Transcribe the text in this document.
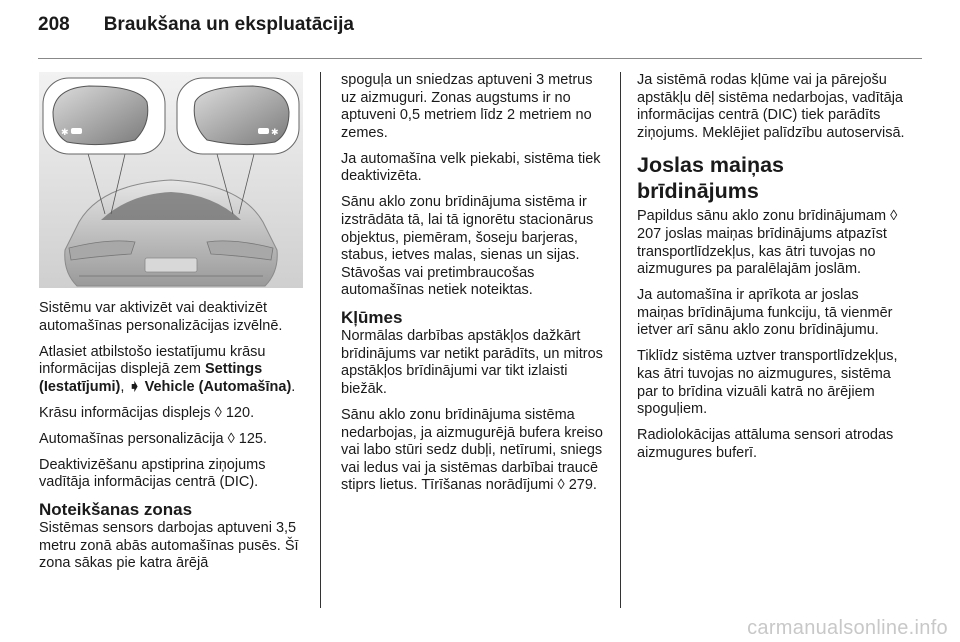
208 Braukšana un ekspluatācija
✱	✱

Sistēmu var aktivizēt vai deaktivizēt automašīnas personalizācijas izvēlnē.

Atlasiet atbilstošo iestatījumu krāsu informācijas displejā zem Settings (Iestatījumi), ➧ Vehicle (Automašīna).

Krāsu informācijas displejs ◊ 120.

Automašīnas personalizācija ◊ 125.

Deaktivizēšanu apstiprina ziņojums vadītāja informācijas centrā (DIC).

Noteikšanas zonas

Sistēmas sensors darbojas aptuveni 3,5 metru zonā abās automašīnas pusēs. Šī zona sākas pie katra ārējā

spoguļa un sniedzas aptuveni 3 metrus uz aizmuguri. Zonas augstums ir no aptuveni 0,5 metriem līdz 2 metriem no zemes.

Ja automašīna velk piekabi, sistēma tiek deaktivizēta.

Sānu aklo zonu brīdinājuma sistēma ir izstrādāta tā, lai tā ignorētu stacionārus objektus, piemēram, šoseju barjeras, stabus, ietves malas, sienas un sijas. Stāvošas vai pretimbraucošas automašīnas netiek noteiktas.

Kļūmes

Normālas darbības apstākļos dažkārt brīdinājums var netikt parādīts, un mitros apstākļos brīdinājumi var tikt izlaisti biežāk.

Sānu aklo zonu brīdinājuma sistēma nedarbojas, ja aizmugurējā bufera kreiso vai labo stūri sedz dubļi, netīrumi, sniegs vai ledus vai ja sistēmas darbībai traucē stiprs lietus. Tīrīšanas norādījumi ◊ 279.

Ja sistēmā rodas kļūme vai ja pārejošu apstākļu dēļ sistēma nedarbojas, vadītāja informācijas centrā (DIC) tiek parādīts ziņojums. Meklējiet palīdzību autoservisā.

Joslas maiņas brīdinājums

Papildus sānu aklo zonu brīdinājumam ◊ 207 joslas maiņas brīdinājums atpazīst transportlīdzekļus, kas ātri tuvojas no aizmugures pa paralēlajām joslām.

Ja automašīna ir aprīkota ar joslas maiņas brīdinājuma funkciju, tā vienmēr ietver arī sānu aklo zonu brīdinājumu.

Tiklīdz sistēma uztver transportlīdzekļus, kas ātri tuvojas no aizmugures, sistēma par to brīdina vizuāli katrā no ārējiem spoguļiem.

Radiolokācijas attāluma sensori atrodas aizmugures buferī.

carmanualsonline.info
